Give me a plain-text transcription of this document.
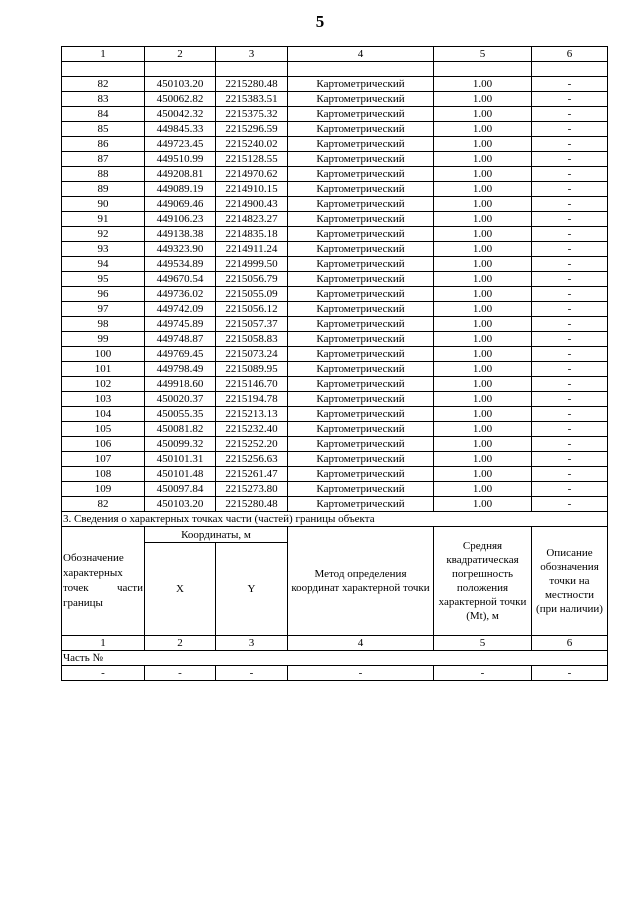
5
1	2	3	4	5	6

82	450103.20	2215280.48	Картометрический	1.00	-
83	450062.82	2215383.51	Картометрический	1.00	-
84	450042.32	2215375.32	Картометрический	1.00	-
85	449845.33	2215296.59	Картометрический	1.00	-
86	449723.45	2215240.02	Картометрический	1.00	-
87	449510.99	2215128.55	Картометрический	1.00	-
88	449208.81	2214970.62	Картометрический	1.00	-
89	449089.19	2214910.15	Картометрический	1.00	-
90	449069.46	2214900.43	Картометрический	1.00	-
91	449106.23	2214823.27	Картометрический	1.00	-
92	449138.38	2214835.18	Картометрический	1.00	-
93	449323.90	2214911.24	Картометрический	1.00	-
94	449534.89	2214999.50	Картометрический	1.00	-
95	449670.54	2215056.79	Картометрический	1.00	-
96	449736.02	2215055.09	Картометрический	1.00	-
97	449742.09	2215056.12	Картометрический	1.00	-
98	449745.89	2215057.37	Картометрический	1.00	-
99	449748.87	2215058.83	Картометрический	1.00	-
100	449769.45	2215073.24	Картометрический	1.00	-
101	449798.49	2215089.95	Картометрический	1.00	-
102	449918.60	2215146.70	Картометрический	1.00	-
103	450020.37	2215194.78	Картометрический	1.00	-
104	450055.35	2215213.13	Картометрический	1.00	-
105	450081.82	2215232.40	Картометрический	1.00	-
106	450099.32	2215252.20	Картометрический	1.00	-
107	450101.31	2215256.63	Картометрический	1.00	-
108	450101.48	2215261.47	Картометрический	1.00	-
109	450097.84	2215273.80	Картометрический	1.00	-
82	450103.20	2215280.48	Картометрический	1.00	-
3. Сведения о характерных точках части (частей) границы объекта					
Обозначение характерных точек части границы	Координаты, м		Метод определения координат характерной точки	Средняя квадратическая погрешность положения характерной точки (Mt), м	Описание обозначения точки на местности (при наличии)
	X	Y			
1	2	3	4	5	6
Часть №					
-	-	-	-	-	-
